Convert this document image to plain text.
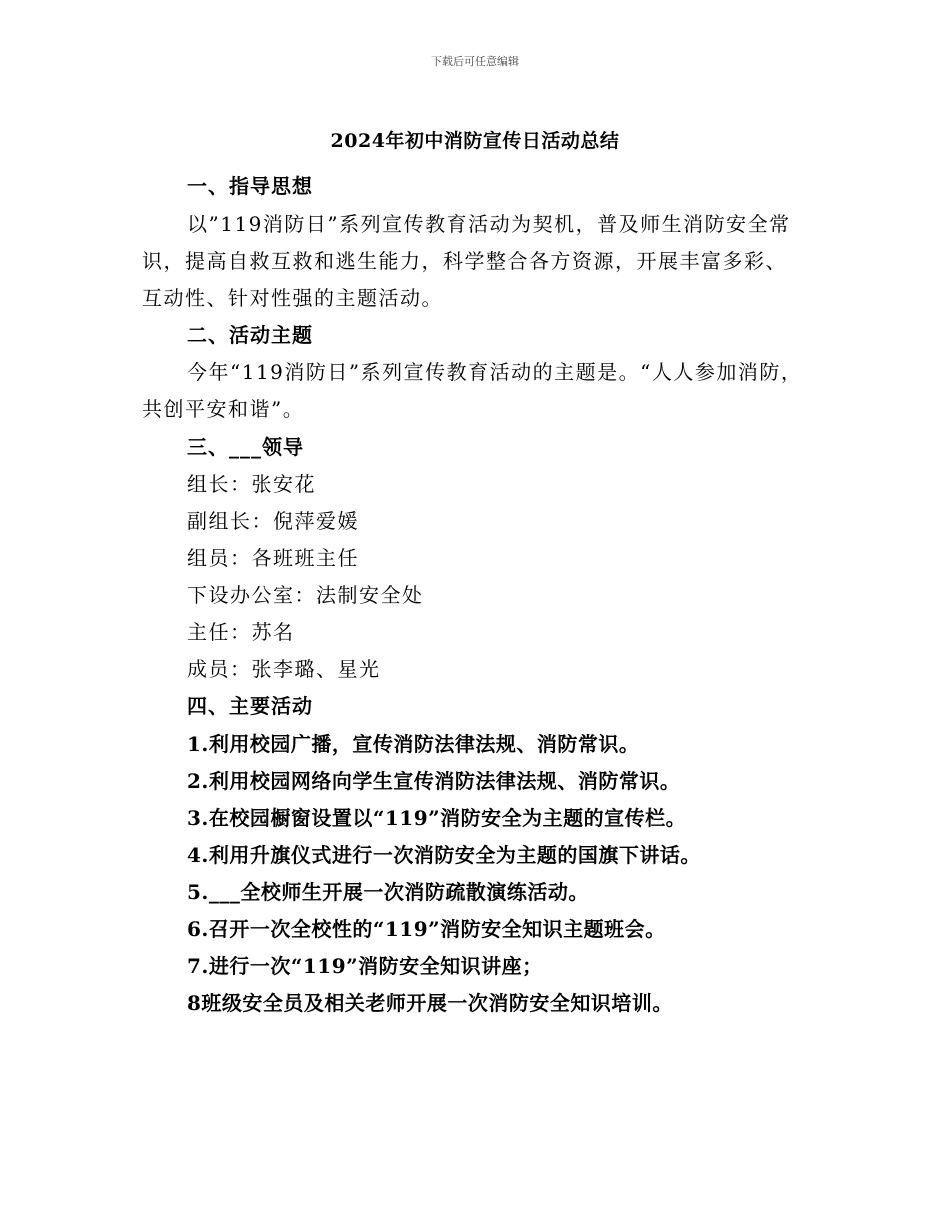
下载后可任意编辑
2024年初中消防宣传日活动总结
一、指导思想
以”119消防日”系列宣传教育活动为契机，普及师生消防安全常
识，提高自救互救和逃生能力，科学整合各方资源，开展丰富多彩、
互动性、针对性强的主题活动。
二、活动主题
今年“119消防日”系列宣传教育活动的主题是。“人人参加消防，
共创平安和谐”。
三、___领导
组长：张安花
副组长：倪萍爱媛
组员：各班班主任
下设办公室：法制安全处
主任：苏名
成员：张李璐、星光
四、主要活动
1.利用校园广播，宣传消防法律法规、消防常识。
2.利用校园网络向学生宣传消防法律法规、消防常识。
3.在校园橱窗设置以“119”消防安全为主题的宣传栏。
4.利用升旗仪式进行一次消防安全为主题的国旗下讲话。
5.___全校师生开展一次消防疏散演练活动。
6.召开一次全校性的“119”消防安全知识主题班会。
7.进行一次“119”消防安全知识讲座；
8班级安全员及相关老师开展一次消防安全知识培训。
